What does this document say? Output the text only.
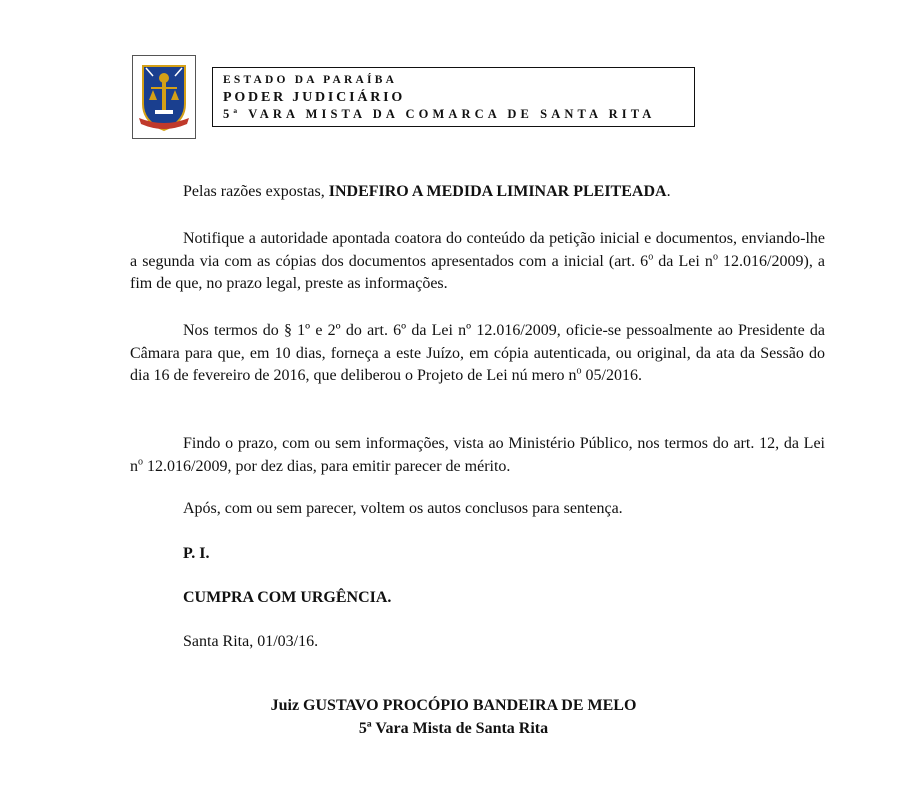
ESTADO DA PARAÍBA
PODER JUDICIÁRIO
5ª VARA MISTA DA COMARCA DE SANTA RITA

Pelas razões expostas, INDEFIRO A MEDIDA LIMINAR PLEITEADA.

Notifique a autoridade apontada coatora do conteúdo da petição inicial e documentos, enviando-lhe a segunda via com as cópias dos documentos apresentados com a inicial (art. 6$^o$ da Lei $n^o$ 12.016/2009), a fim de que, no prazo legal, preste as informações.

Nos termos do § 1º e 2º do art. 6º da Lei nº 12.016/2009, oficie-se pessoalmente ao Presidente da Câmara para que, em 10 dias, forneça a este Juízo, em cópia autenticada, ou original, da ata da Sessão do dia 16 de fevereiro de 2016, que deliberou o Projeto de Lei nú mero $n^o$ 05/2016.

Findo o prazo, com ou sem informações, vista ao Ministério Público, nos termos do art. 12, da Lei $n^o$ 12.016/2009, por dez dias, para emitir parecer de mérito.

Após, com ou sem parecer, voltem os autos conclusos para sentença.
P. I.
CUMPRA COM URGÊNCIA.
Santa Rita, 01/03/16.
Juiz GUSTAVO PROCÓPIO BANDEIRA DE MELO
5ª Vara Mista de Santa Rita
